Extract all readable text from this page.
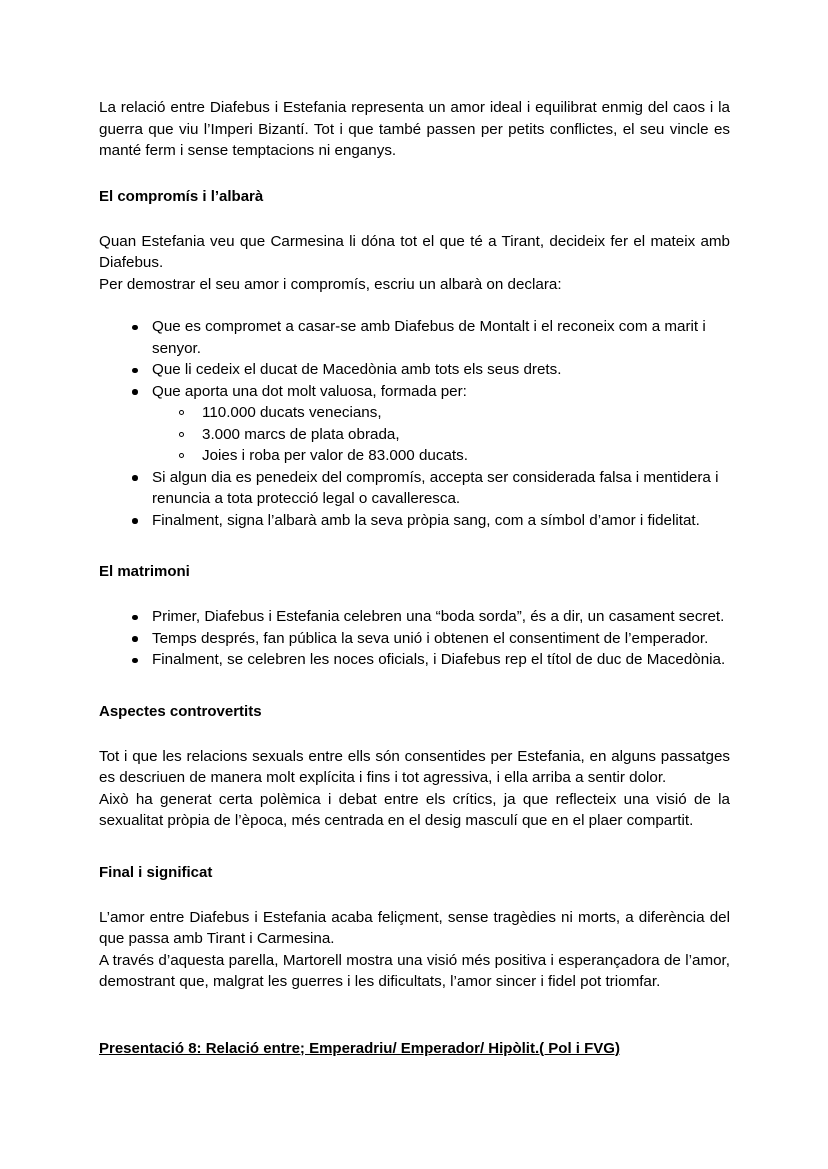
La relació entre Diafebus i Estefania representa un amor ideal i equilibrat enmig del caos i la guerra que viu l’Imperi Bizantí. Tot i que també passen per petits conflictes, el seu vincle es manté ferm i sense temptacions ni enganys.

El compromís i l’albarà

Quan Estefania veu que Carmesina li dóna tot el que té a Tirant, decideix fer el mateix amb Diafebus.

Per demostrar el seu amor i compromís, escriu un albarà on declara:

Que es compromet a casar-se amb Diafebus de Montalt i el reconeix com a marit i senyor.
Que li cedeix el ducat de Macedònia amb tots els seus drets.
Que aporta una dot molt valuosa, formada per:
110.000 ducats venecians,
3.000 marcs de plata obrada,
Joies i roba per valor de 83.000 ducats.
Si algun dia es penedeix del compromís, accepta ser considerada falsa i mentidera i renuncia a tota protecció legal o cavalleresca.
Finalment, signa l’albarà amb la seva pròpia sang, com a símbol d’amor i fidelitat.
El matrimoni
Primer, Diafebus i Estefania celebren una “boda sorda”, és a dir, un casament secret.
Temps després, fan pública la seva unió i obtenen el consentiment de l’emperador.
Finalment, se celebren les noces oficials, i Diafebus rep el títol de duc de Macedònia.
Aspectes controvertits

Tot i que les relacions sexuals entre ells són consentides per Estefania, en alguns passatges es descriuen de manera molt explícita i fins i tot agressiva, i ella arriba a sentir dolor.

Això ha generat certa polèmica i debat entre els crítics, ja que reflecteix una visió de la sexualitat pròpia de l’època, més centrada en el desig masculí que en el plaer compartit.

Final i significat

L’amor entre Diafebus i Estefania acaba feliçment, sense tragèdies ni morts, a diferència del que passa amb Tirant i Carmesina.

A través d’aquesta parella, Martorell mostra una visió més positiva i esperançadora de l’amor, demostrant que, malgrat les guerres i les dificultats, l’amor sincer i fidel pot triomfar.

Presentació 8: Relació entre; Emperadriu/ Emperador/ Hipòlit.( Pol i FVG)
